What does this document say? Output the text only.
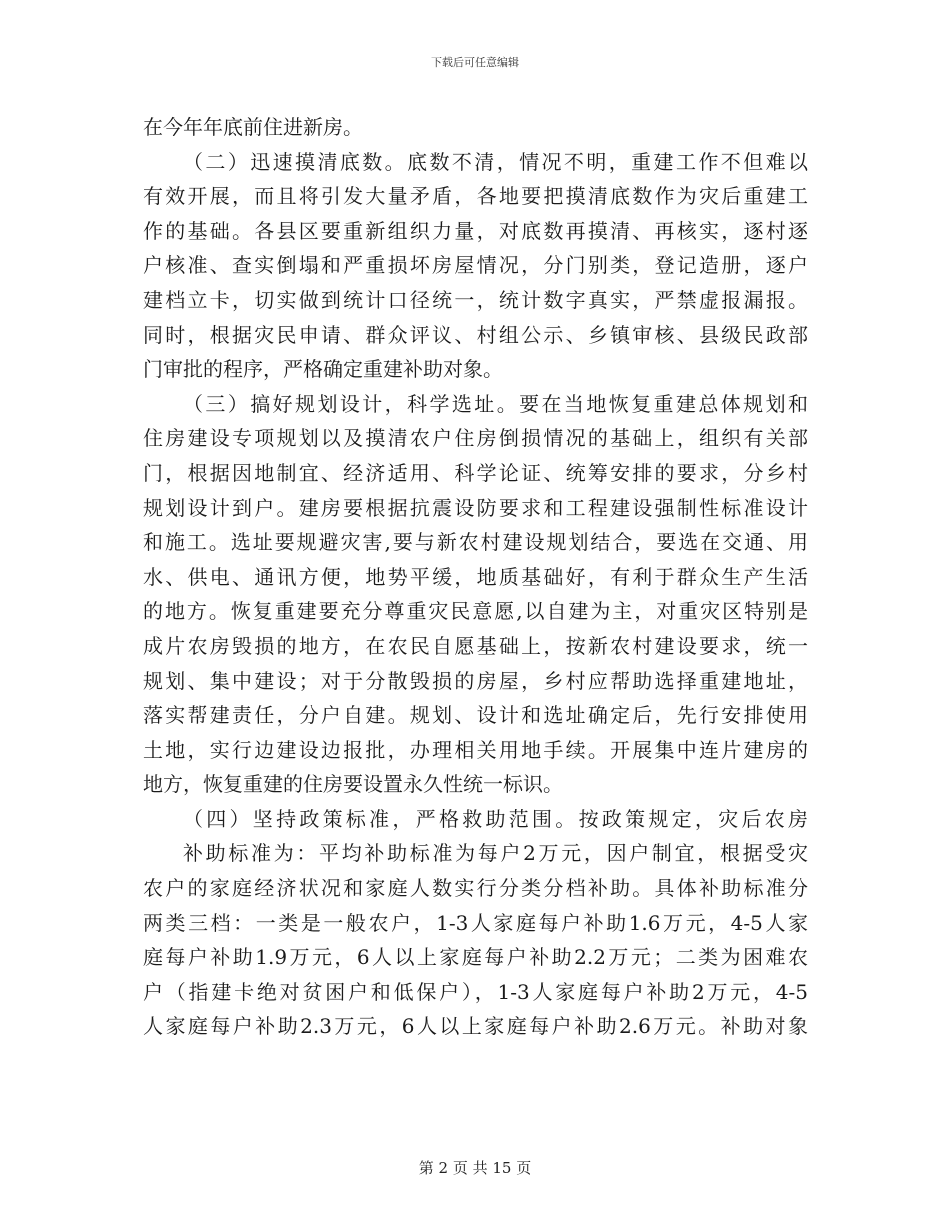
下载后可任意编辑
在今年年底前住进新房。
（二）迅速摸清底数。底数不清，情况不明，重建工作不但难以
有效开展，而且将引发大量矛盾，各地要把摸清底数作为灾后重建工
作的基础。各县区要重新组织力量，对底数再摸清、再核实，逐村逐
户核准、查实倒塌和严重损坏房屋情况，分门别类，登记造册，逐户
建档立卡，切实做到统计口径统一，统计数字真实，严禁虚报漏报。
同时，根据灾民申请、群众评议、村组公示、乡镇审核、县级民政部
门审批的程序，严格确定重建补助对象。
（三）搞好规划设计，科学选址。要在当地恢复重建总体规划和
住房建设专项规划以及摸清农户住房倒损情况的基础上，组织有关部
门，根据因地制宜、经济适用、科学论证、统筹安排的要求，分乡村
规划设计到户。建房要根据抗震设防要求和工程建设强制性标准设计
和施工。选址要规避灾害,要与新农村建设规划结合，要选在交通、用
水、供电、通讯方便，地势平缓，地质基础好，有利于群众生产生活
的地方。恢复重建要充分尊重灾民意愿,以自建为主，对重灾区特别是
成片农房毁损的地方，在农民自愿基础上，按新农村建设要求，统一
规划、集中建设；对于分散毁损的房屋，乡村应帮助选择重建地址，
落实帮建责任，分户自建。规划、设计和选址确定后，先行安排使用
土地，实行边建设边报批，办理相关用地手续。开展集中连片建房的
地方，恢复重建的住房要设置永久性统一标识。
（四）坚持政策标准，严格救助范围。按政策规定，灾后农房
补助标准为：平均补助标准为每户2万元，因户制宜，根据受灾
农户的家庭经济状况和家庭人数实行分类分档补助。具体补助标准分
两类三档：一类是一般农户，1-3人家庭每户补助1.6万元，4-5人家
庭每户补助1.9万元，6人以上家庭每户补助2.2万元；二类为困难农
户（指建卡绝对贫困户和低保户），1-3人家庭每户补助2万元，4-5
人家庭每户补助2.3万元，6人以上家庭每户补助2.6万元。补助对象
第 2 页 共 15 页
